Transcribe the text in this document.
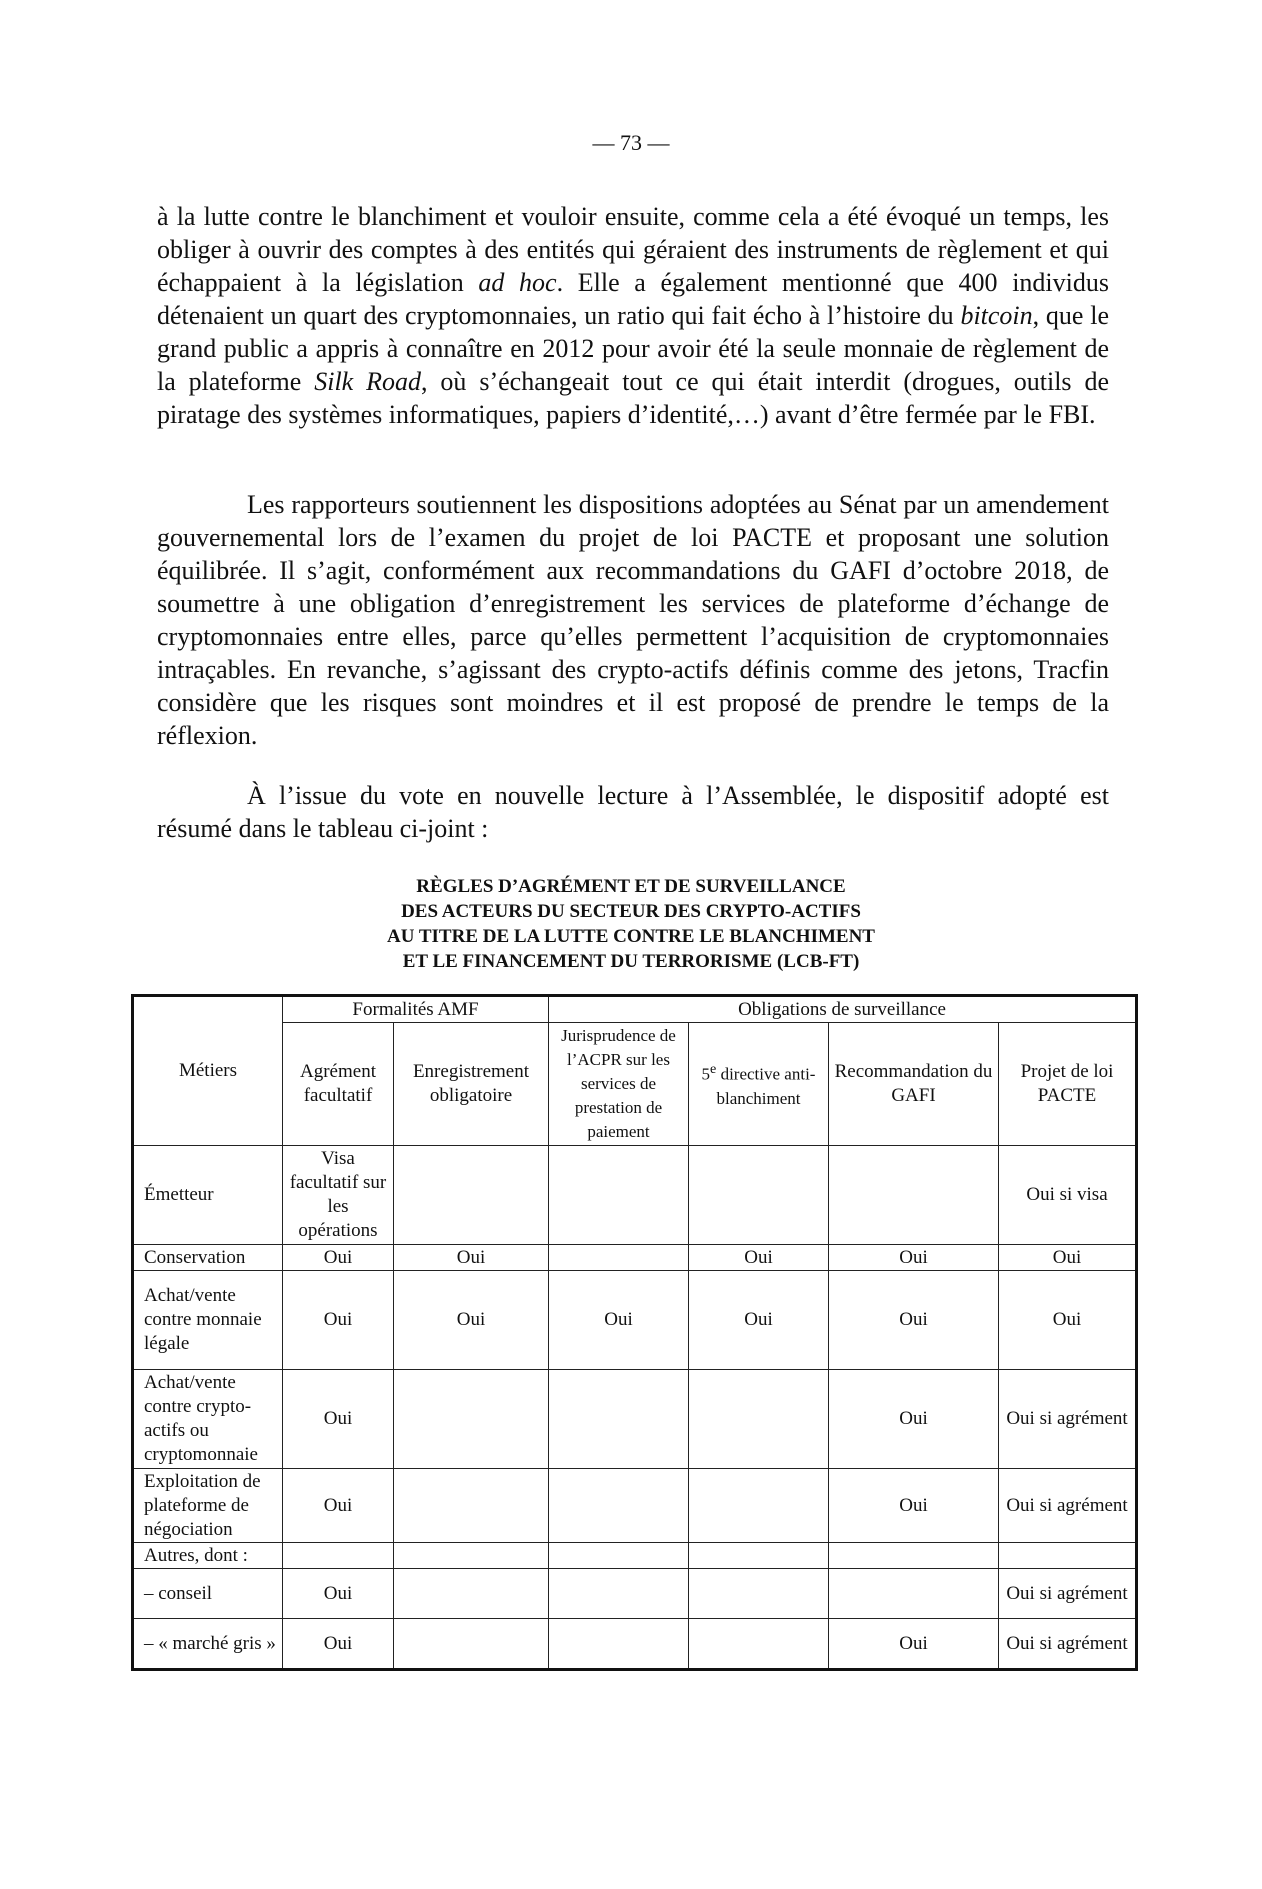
— 73 —

à la lutte contre le blanchiment et vouloir ensuite, comme cela a été évoqué un temps, les obliger à ouvrir des comptes à des entités qui géraient des instruments de règlement et qui échappaient à la législation ad hoc. Elle a également mentionné que 400 individus détenaient un quart des cryptomonnaies, un ratio qui fait écho à l’histoire du bitcoin, que le grand public a appris à connaître en 2012 pour avoir été la seule monnaie de règlement de la plateforme Silk Road, où s’échangeait tout ce qui était interdit (drogues, outils de piratage des systèmes informatiques, papiers d’identité,…) avant d’être fermée par le FBI.

Les rapporteurs soutiennent les dispositions adoptées au Sénat par un amendement gouvernemental lors de l’examen du projet de loi PACTE et proposant une solution équilibrée. Il s’agit, conformément aux recommandations du GAFI d’octobre 2018, de soumettre à une obligation d’enregistrement les services de plateforme d’échange de cryptomonnaies entre elles, parce qu’elles permettent l’acquisition de cryptomonnaies intraçables. En revanche, s’agissant des crypto-actifs définis comme des jetons, Tracfin considère que les risques sont moindres et il est proposé de prendre le temps de la réflexion.

À l’issue du vote en nouvelle lecture à l’Assemblée, le dispositif adopté est résumé dans le tableau ci-joint :

RÈGLES D’AGRÉMENT ET DE SURVEILLANCE
DES ACTEURS DU SECTEUR DES CRYPTO-ACTIFS
AU TITRE DE LA LUTTE CONTRE LE BLANCHIMENT
ET LE FINANCEMENT DU TERRORISME (LCB-FT)
Métiers	Formalités AMF		Obligations de surveillance			
	Agrément facultatif	Enregistrement obligatoire	Jurisprudence de l’ACPR sur les services de prestation de paiement	5e directive anti-blanchiment	Recommandation du GAFI	Projet de loi PACTE
Émetteur	Visa facultatif sur les opérations					Oui si visa
Conservation	Oui	Oui		Oui	Oui	Oui
Achat/vente contre monnaie légale	Oui	Oui	Oui	Oui	Oui	Oui
Achat/vente contre crypto-actifs ou cryptomonnaie	Oui				Oui	Oui si agrément
Exploitation de plateforme de négociation	Oui				Oui	Oui si agrément
Autres, dont :						
– conseil	Oui					Oui si agrément
– « marché gris »	Oui				Oui	Oui si agrément
